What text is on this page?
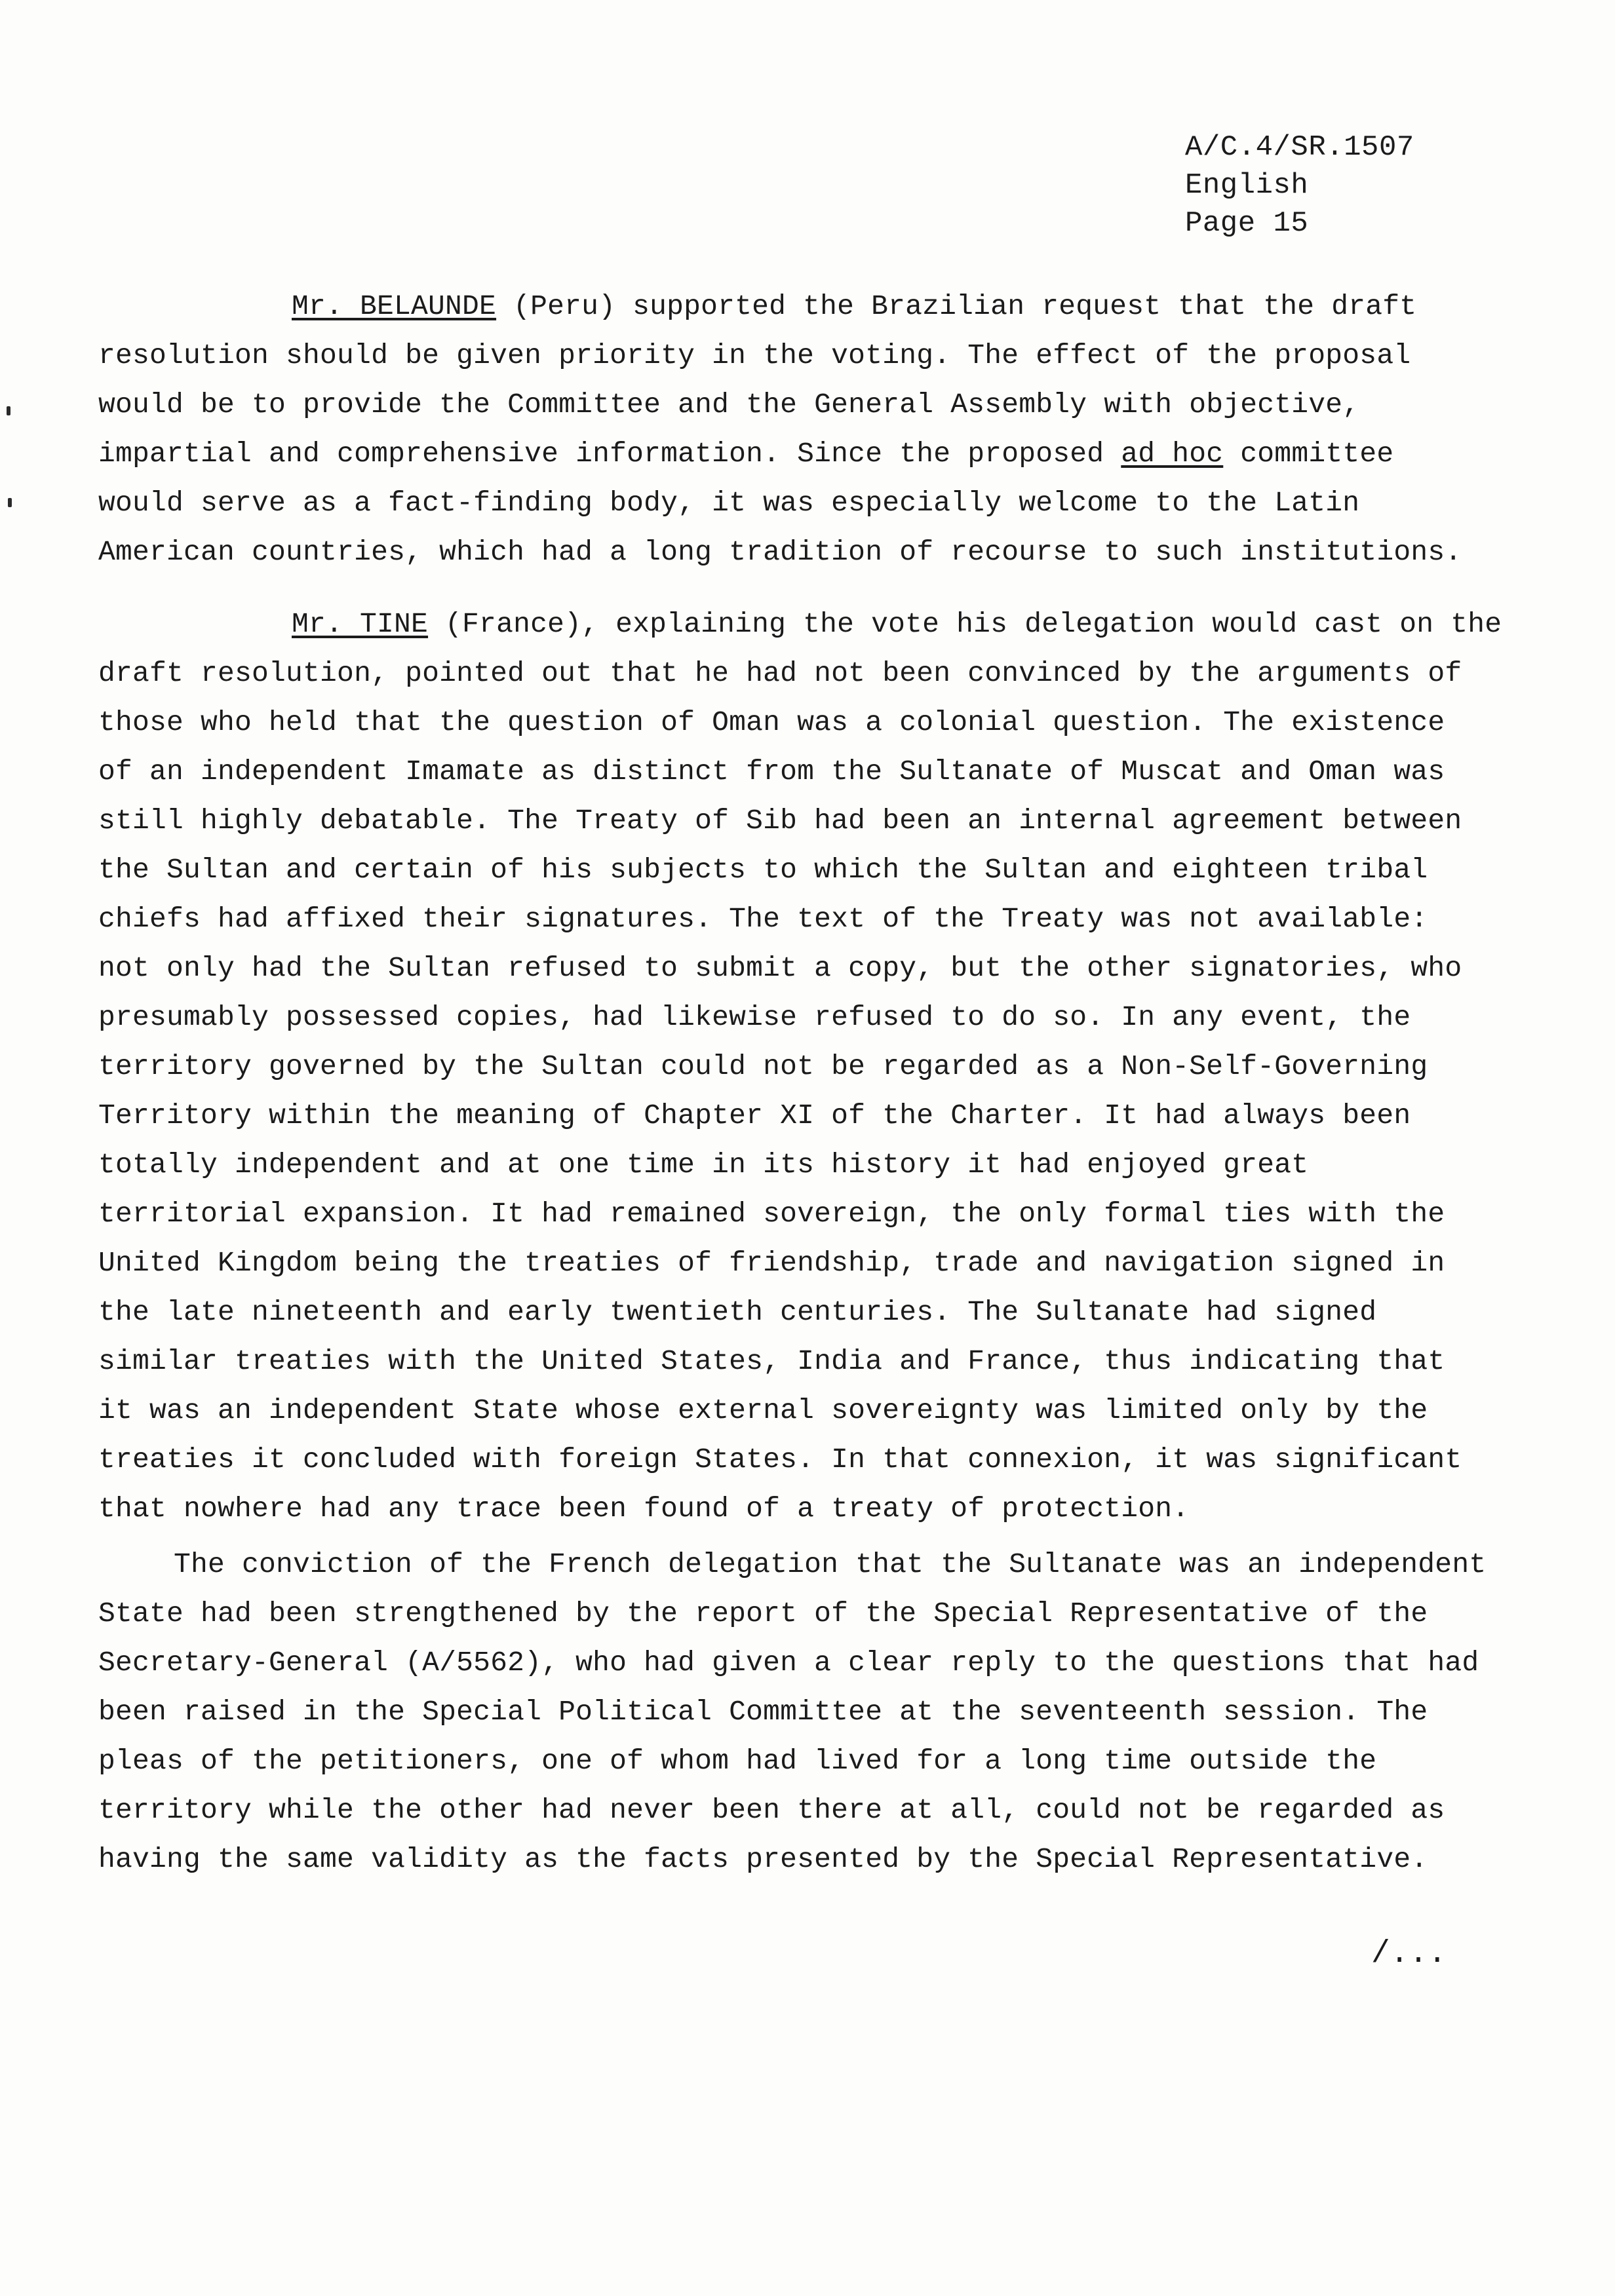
A/C.4/SR.1507
English
Page 15
Mr. BELAUNDE (Peru) supported the Brazilian request that the draft
resolution should be given priority in the voting. The effect of the proposal
would be to provide the Committee and the General Assembly with objective,
impartial and comprehensive information. Since the proposed ad hoc committee
would serve as a fact-finding body, it was especially welcome to the Latin
American countries, which had a long tradition of recourse to such institutions.
Mr. TINE (France), explaining the vote his delegation would cast on the
draft resolution, pointed out that he had not been convinced by the arguments of
those who held that the question of Oman was a colonial question. The existence
of an independent Imamate as distinct from the Sultanate of Muscat and Oman was
still highly debatable. The Treaty of Sib had been an internal agreement between
the Sultan and certain of his subjects to which the Sultan and eighteen tribal
chiefs had affixed their signatures. The text of the Treaty was not available:
not only had the Sultan refused to submit a copy, but the other signatories, who
presumably possessed copies, had likewise refused to do so. In any event, the
territory governed by the Sultan could not be regarded as a Non-Self-Governing
Territory within the meaning of Chapter XI of the Charter. It had always been
totally independent and at one time in its history it had enjoyed great
territorial expansion. It had remained sovereign, the only formal ties with the
United Kingdom being the treaties of friendship, trade and navigation signed in
the late nineteenth and early twentieth centuries. The Sultanate had signed
similar treaties with the United States, India and France, thus indicating that
it was an independent State whose external sovereignty was limited only by the
treaties it concluded with foreign States. In that connexion, it was significant
that nowhere had any trace been found of a treaty of protection.
The conviction of the French delegation that the Sultanate was an independent
State had been strengthened by the report of the Special Representative of the
Secretary-General (A/5562), who had given a clear reply to the questions that had
been raised in the Special Political Committee at the seventeenth session. The
pleas of the petitioners, one of whom had lived for a long time outside the
territory while the other had never been there at all, could not be regarded as
having the same validity as the facts presented by the Special Representative.
/...
